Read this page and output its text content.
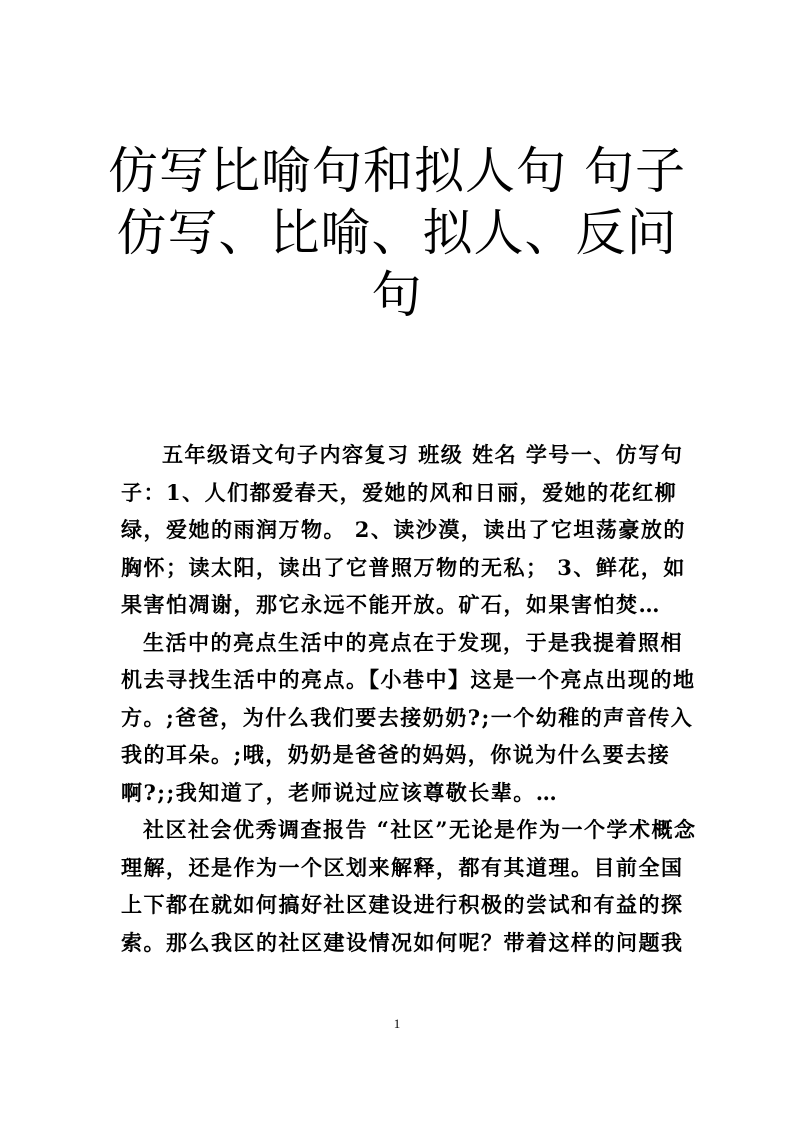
仿写比喻句和拟人句 句子
仿写、比喻、拟人、反问
句

五年级语文句子内容复习 班级 姓名 学号一、仿写句
子：1、人们都爱春天，爱她的风和日丽，爱她的花红柳
绿，爱她的雨润万物。 2、读沙漠，读出了它坦荡豪放的
胸怀；读太阳，读出了它普照万物的无私； 3、鲜花，如
果害怕凋谢，那它永远不能开放。矿石，如果害怕焚…

生活中的亮点生活中的亮点在于发现，于是我提着照相
机去寻找生活中的亮点。【小巷中】这是一个亮点出现的地
方。;爸爸，为什么我们要去接奶奶?;一个幼稚的声音传入
我的耳朵。;哦，奶奶是爸爸的妈妈，你说为什么要去接
啊?;;我知道了，老师说过应该尊敬长辈。…

社区社会优秀调查报告 “社区”无论是作为一个学术概念
理解，还是作为一个区划来解释，都有其道理。目前全国
上下都在就如何搞好社区建设进行积极的尝试和有益的探
索。那么我区的社区建设情况如何呢？带着这样的问题我

1
